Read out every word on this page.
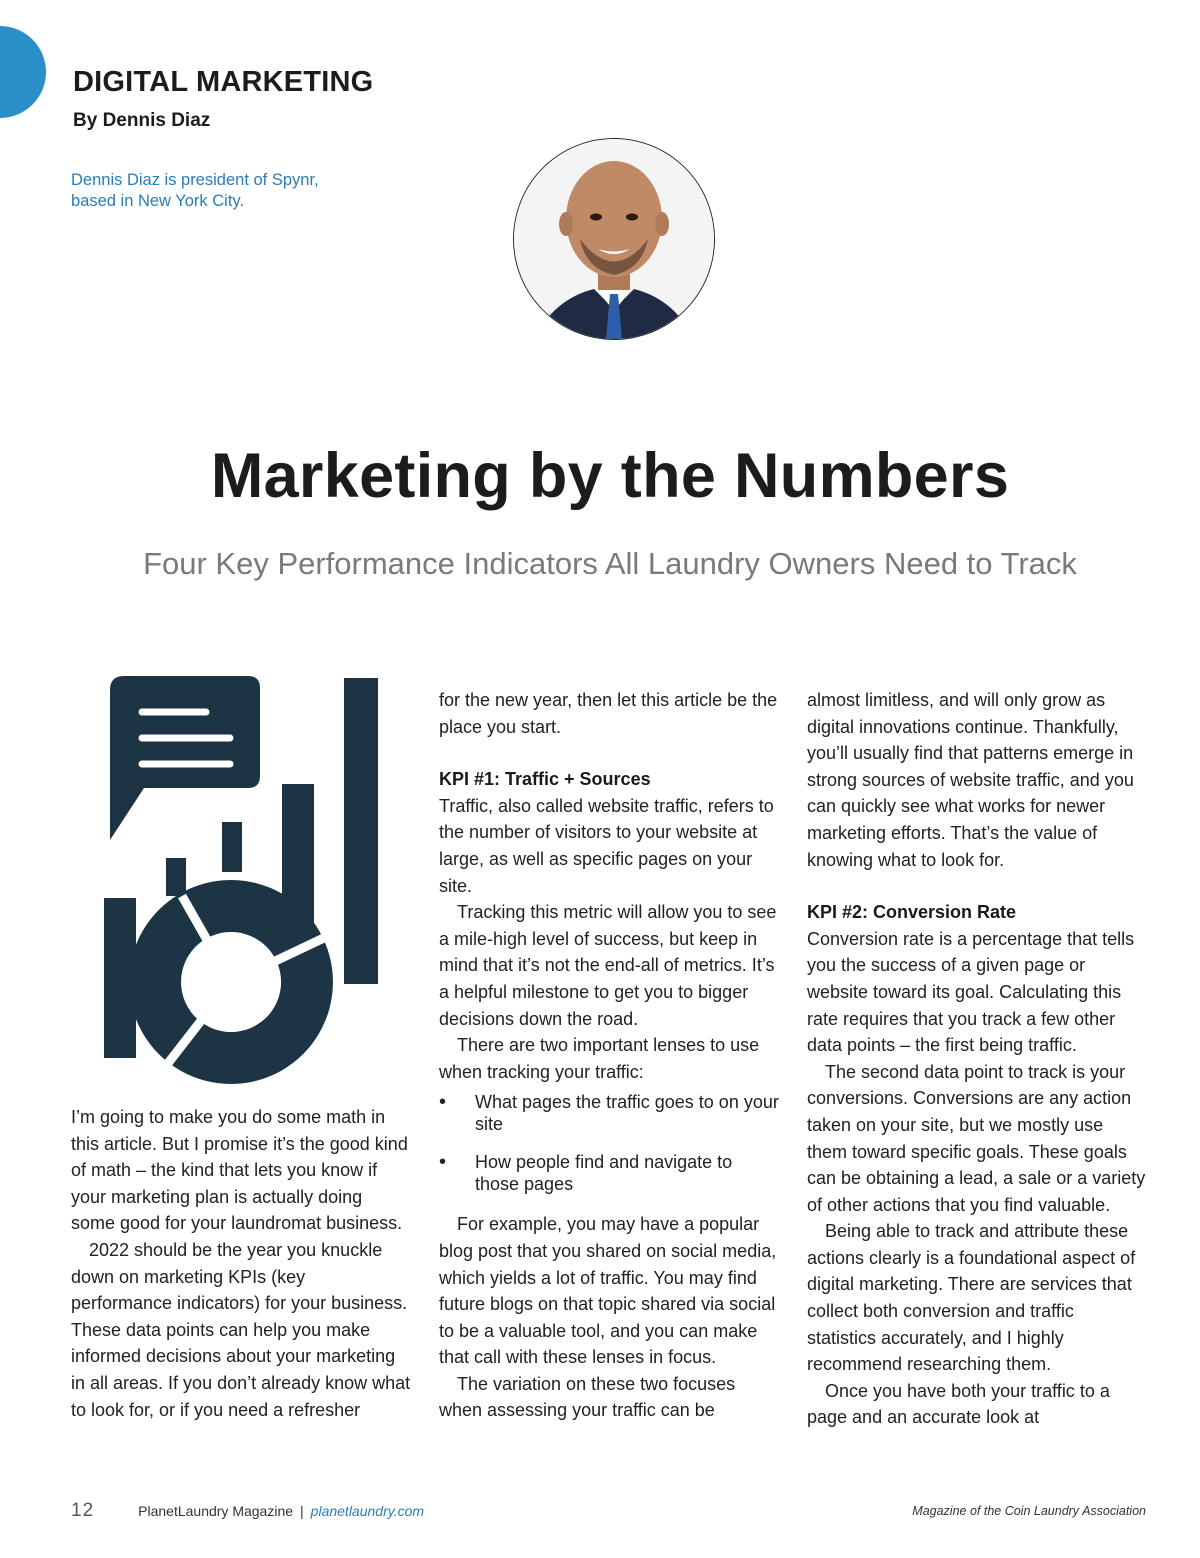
DIGITAL MARKETING

By Dennis Diaz

Dennis Diaz is president of Spynr,
based in New York City.

Marketing by the Numbers

Four Key Performance Indicators All Laundry Owners Need to Track

I’m going to make you do some math in this article. But I promise it’s the good kind of math – the kind that lets you know if your marketing plan is actually doing some good for your laundromat business.

2022 should be the year you knuckle down on marketing KPIs (key performance indicators) for your business. These data points can help you make informed decisions about your marketing in all areas. If you don’t already know what to look for, or if you need a refresher

for the new year, then let this article be the place you start.

KPI #1: Traffic + Sources

Traffic, also called website traffic, refers to the number of visitors to your website at large, as well as specific pages on your site.

Tracking this metric will allow you to see a mile-high level of success, but keep in mind that it’s not the end-all of metrics. It’s a helpful milestone to get you to bigger decisions down the road.

There are two important lenses to use when tracking your traffic:

• What pages the traffic goes to on your site
• How people find and navigate to those pages

For example, you may have a popular blog post that you shared on social media, which yields a lot of traffic. You may find future blogs on that topic shared via social to be a valuable tool, and you can make that call with these lenses in focus.

The variation on these two focuses when assessing your traffic can be

almost limitless, and will only grow as digital innovations continue. Thankfully, you’ll usually find that patterns emerge in strong sources of website traffic, and you can quickly see what works for newer marketing efforts. That’s the value of knowing what to look for.

KPI #2: Conversion Rate

Conversion rate is a percentage that tells you the success of a given page or website toward its goal. Calculating this rate requires that you track a few other data points – the first being traffic.

The second data point to track is your conversions. Conversions are any action taken on your site, but we mostly use them toward specific goals. These goals can be obtaining a lead, a sale or a variety of other actions that you find valuable.

Being able to track and attribute these actions clearly is a foundational aspect of digital marketing. There are services that collect both conversion and traffic statistics accurately, and I highly recommend researching them.

Once you have both your traffic to a page and an accurate look at

12	PlanetLaundry Magazine | planetlaundry.com	Magazine of the Coin Laundry Association
